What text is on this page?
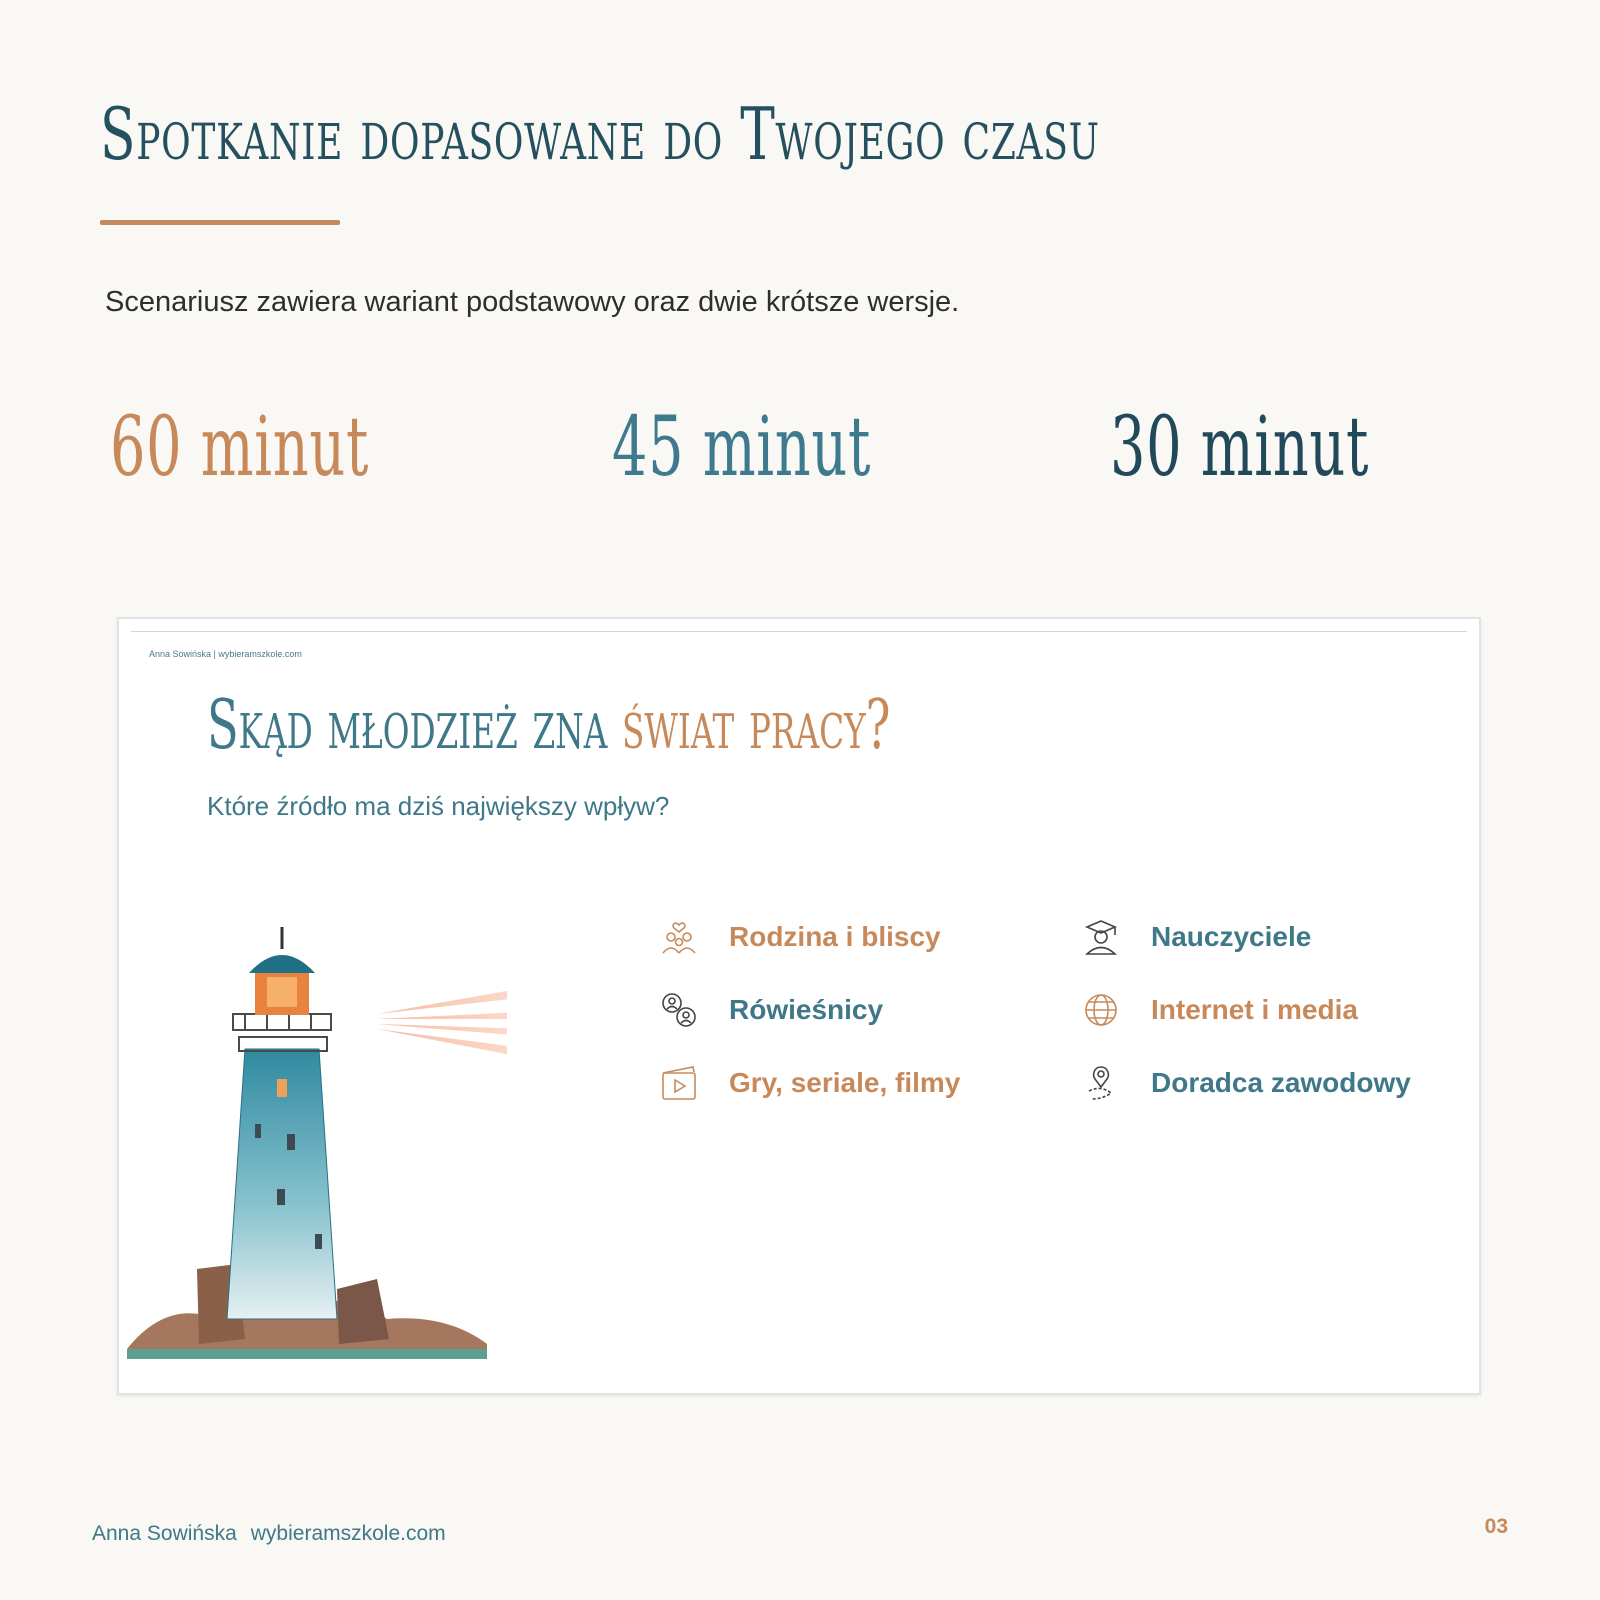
Spotkanie dopasowane do Twojego czasu
Scenariusz zawiera wariant podstawowy oraz dwie krótsze wersje.
60 minut	45 minut	30 minut
Anna Sowińska | wybieramszkole.com
Skąd młodzież zna świat pracy?
Które źródło ma dziś największy wpływ?
Rodzina i bliscy	Nauczyciele
Rówieśnicy	Internet i media
Gry, seriale, filmy	Doradca zawodowy
Anna Sowińska wybieramszkole.com	03
